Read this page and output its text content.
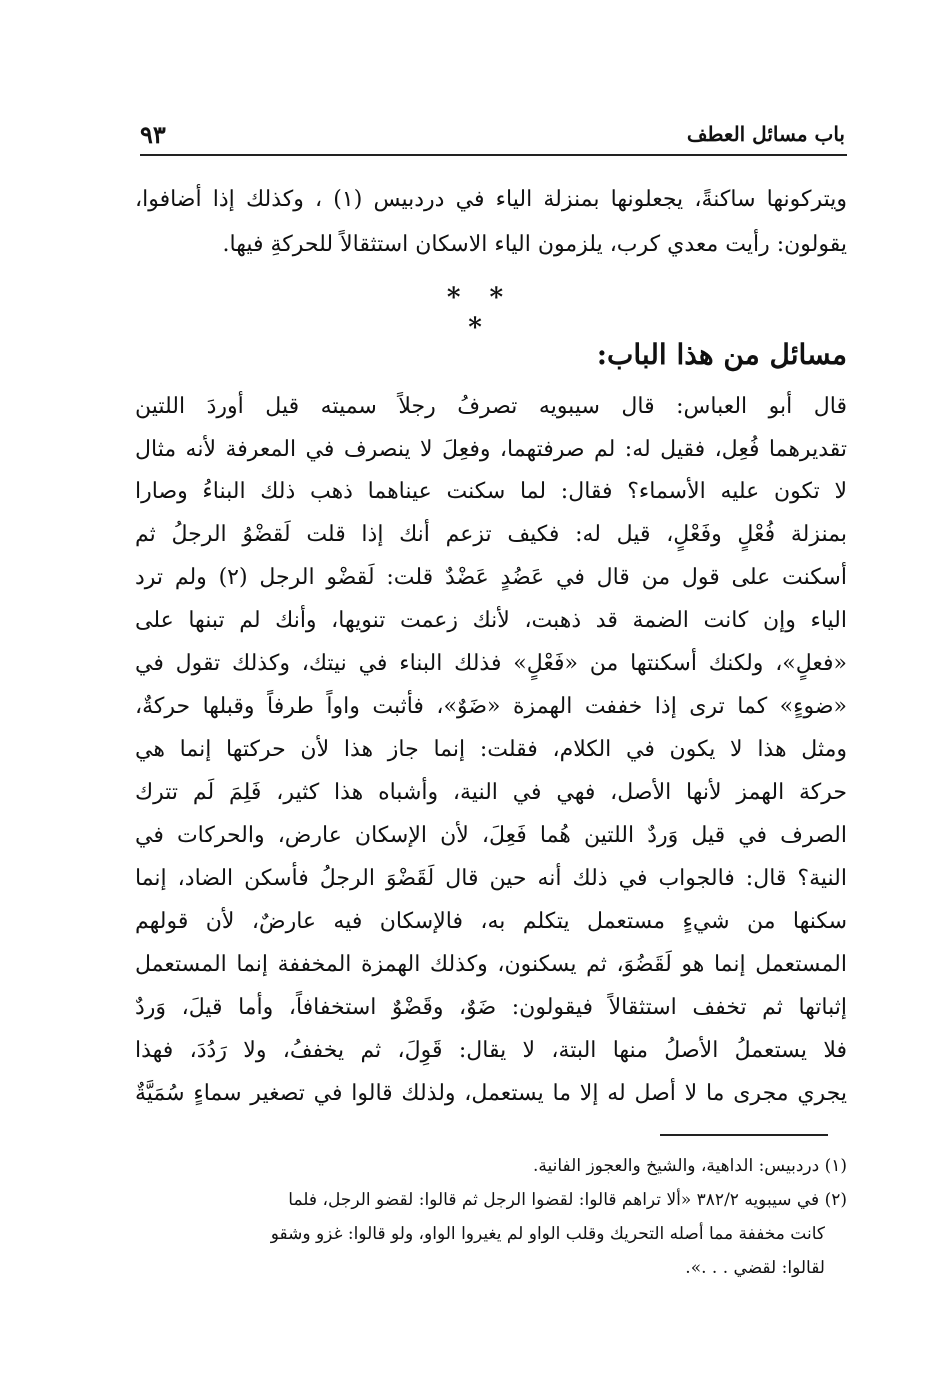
باب مسائل العطف
٩٣
ويتركونها ساكنةً، يجعلونها بمنزلة الياء في دردبيس (١) ، وكذلك إذا أضافوا،
يقولون: رأيت معدي كرب، يلزمون الياء الاسكان استثقالاً للحركةِ فيها.
* * *
مسائل من هذا الباب:
قال أبو العباس: قال سيبويه تصرفُ رجلاً سميته قيل أوردَ اللتين
تقديرهما فُعِل، فقيل له: لم صرفتهما، وفعِلَ لا ينصرف في المعرفة لأنه مثال
لا تكون عليه الأسماء؟ فقال: لما سكنت عيناهما ذهب ذلك البناءُ وصارا
بمنزلة فُعْلٍ وفَعْلٍ، قيل له: فكيف تزعم أنك إذا قلت لَقضْوُ الرجلُ ثم
أسكنت على قول من قال في عَضُدٍ عَضْدٌ قلت: لَقضْو الرجل (٢) ولم ترد
الياء وإن كانت الضمة قد ذهبت، لأنك زعمت تنويها، وأنك لم تبنها على
«فعلٍ»، ولكنك أسكنتها من «فَعْلٍ» فذلك البناء في نيتك، وكذلك تقول في
«ضوءٍ» كما ترى إذا خففت الهمزة «ضَوٌ»، فأثبت واواً طرفاً وقبلها حركةٌ،
ومثل هذا لا يكون في الكلام، فقلت: إنما جاز هذا لأن حركتها إنما هي
حركة الهمز لأنها الأصل، فهي في النية، وأشباه هذا كثير، فَلِمَ لَم تترك
الصرف في قيل وَردٌ اللتين هُما فَعِلَ، لأن الإسكان عارض، والحركات في
النية؟ قال: فالجواب في ذلك أنه حين قال لَقَضْوَ الرجلُ فأسكن الضاد، إنما
سكنها من شيءٍ مستعمل يتكلم به، فالإسكان فيه عارضٌ، لأن قولهم
المستعمل إنما هو لَقَضُوَ، ثم يسكنون، وكذلك الهمزة المخففة إنما المستعمل
إثباتها ثم تخفف استثقالاً فيقولون: ضَوٌ، وقَضْوٌ استخفافاً، وأما قيلَ، وَردٌ
فلا يستعملُ الأصلُ منها البتة، لا يقال: قَوِلَ، ثم يخففُ، ولا رَدُدَ، فهذا
يجري مجرى ما لا أصل له إلا ما يستعمل، ولذلك قالوا في تصغير سماءٍ سُمَيَّةٌ
(١) دردبيس: الداهية، والشيخ والعجوز الفانية.
(٢) في سيبويه ٣٨٢/٢ «ألا تراهم قالوا: لقضوا الرجل ثم قالوا: لقضو الرجل، فلما
كانت مخففة مما أصله التحريك وقلب الواو لم يغيروا الواو، ولو قالوا: غزو وشقو
لقالوا: لقضي . . .».
